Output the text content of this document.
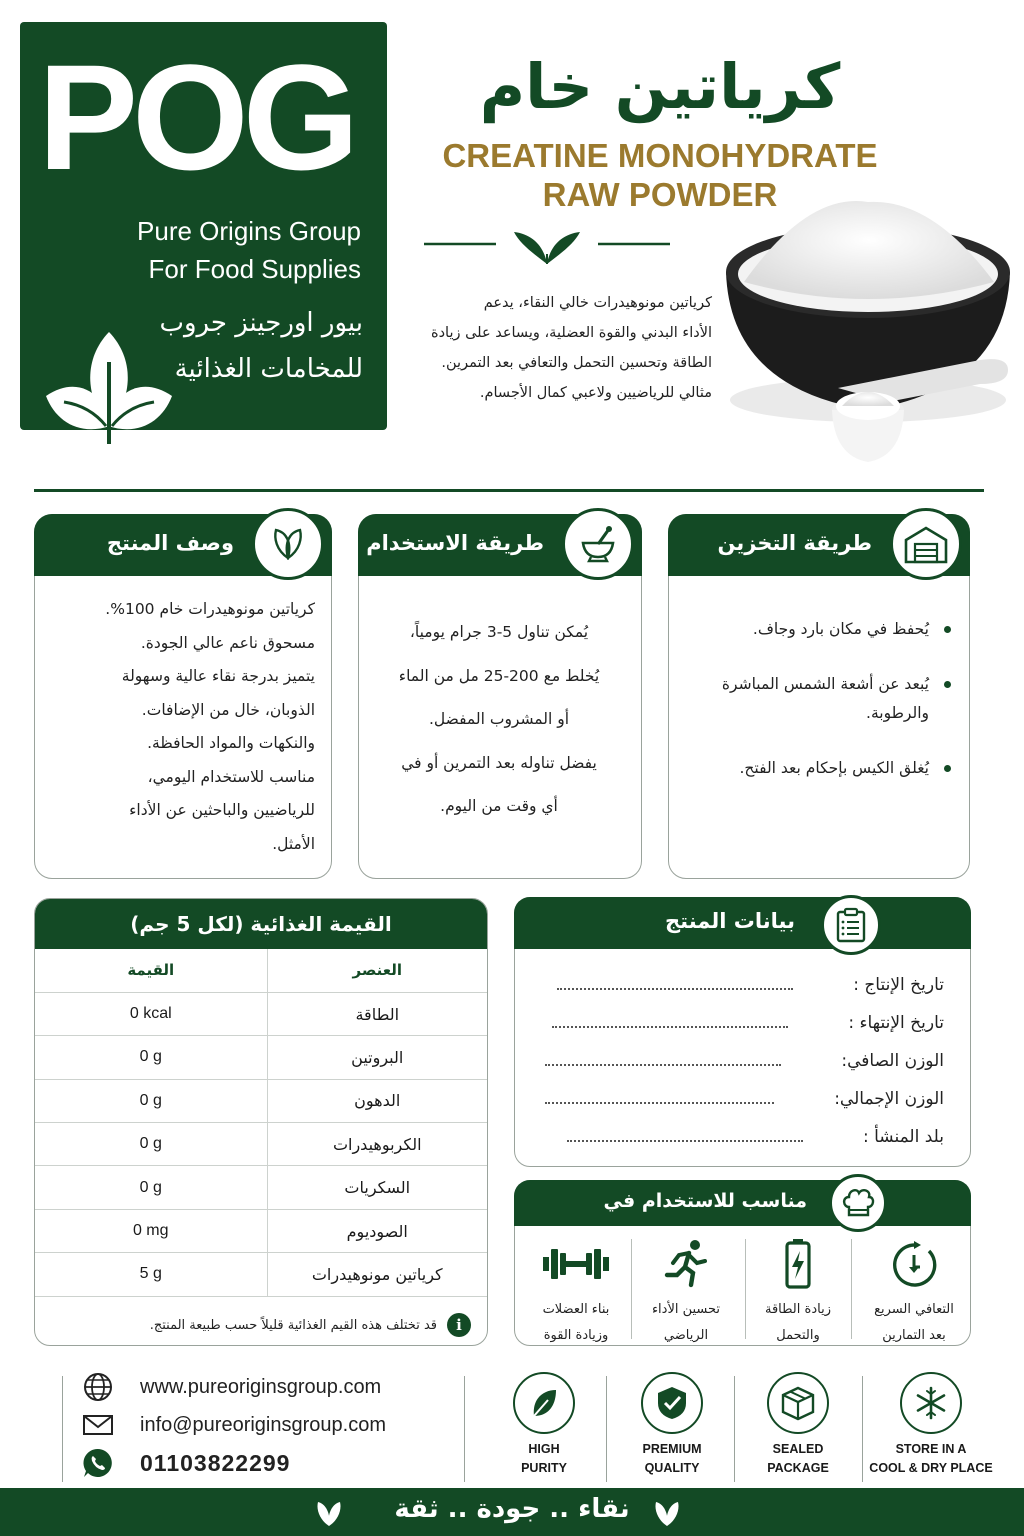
POG
Pure Origins Group
For Food Supplies
بيور اورجينز جروب
للمخامات الغذائية
كرياتين خام
CREATINE MONOHYDRATE
RAW POWDER
كرياتين مونوهيدرات خالي النقاء، يدعم
الأداء البدني والقوة العضلية، ويساعد على زيادة
الطاقة وتحسين التحمل والتعافي بعد التمرين.
مثالي للرياضيين ولاعبي كمال الأجسام.
وصف المنتج
كرياتين مونوهيدرات خام 100%.
مسحوق ناعم عالي الجودة.
يتميز بدرجة نقاء عالية وسهولة
الذوبان، خال من الإضافات.
والنكهات والمواد الحافظة.
مناسب للاستخدام اليومي،
للرياضيين والباحثين عن الأداء
الأمثل.
طريقة الاستخدام
يُمكن تناول 5-3 جرام يومياً،
يُخلط مع 200-25 مل من الماء
أو المشروب المفضل.
يفضل تناوله بعد التمرين أو في
أي وقت من اليوم.
طريقة التخزين
يُحفظ في مكان بارد وجاف.
يُبعد عن أشعة الشمس المباشرة والرطوبة.
يُغلق الكيس بإحكام بعد الفتح.
القيمة الغذائية (لكل 5 جم)
القيمة	العنصر
0 kcal	الطاقة
0 g	البروتين
0 g	الدهون
0 g	الكربوهيدرات
0 g	السكريات
0 mg	الصوديوم
5 g	كرياتين مونوهيدرات
i
قد تختلف هذه القيم الغذائية قليلاً حسب طبيعة المنتج.
بيانات المنتج
تاريخ الإنتاج :
تاريخ الإنتهاء :
الوزن الصافي:
الوزن الإجمالي:
بلد المنشأ :
مناسب للاستخدام في
التعافي السريع
بعد التمارين
زيادة الطاقة
والتحمل
تحسين الأداء
الرياضي
بناء العضلات
وزيادة القوة
www.pureoriginsgroup.com
info@pureoriginsgroup.com
01103822299
HIGH
PURITY
PREMIUM
QUALITY
SEALED
PACKAGE
STORE IN A
COOL & DRY PLACE
نقاء .. جودة .. ثقة
